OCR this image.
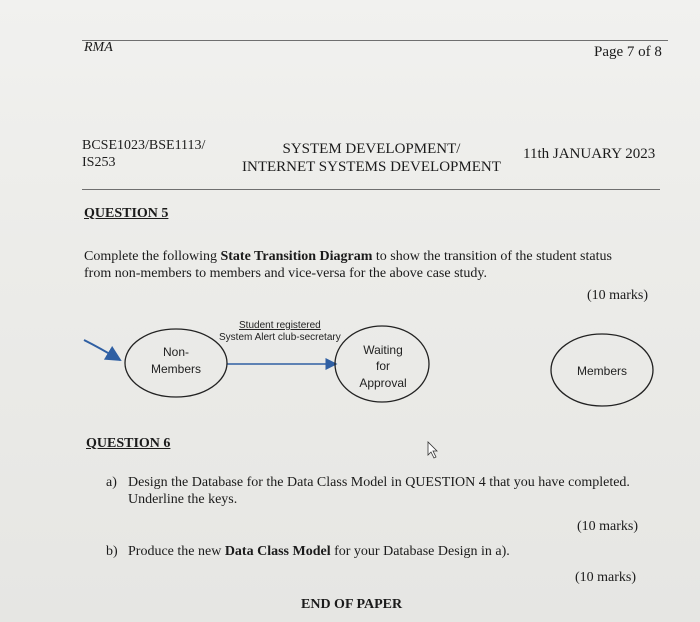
RMA	Page 7 of 8
BCSE1023/BSE1113/
IS253
SYSTEM DEVELOPMENT/
INTERNET SYSTEMS DEVELOPMENT
11th JANUARY 2023
QUESTION 5
Complete the following State Transition Diagram to show the transition of the student status
from non-members to members and vice-versa for the above case study.
(10 marks)
Student registered
System Alert club-secretary
Non-
Members
Waiting
for
Approval
Members
QUESTION 6
a) Design the Database for the Data Class Model in QUESTION 4 that you have completed.
Underline the keys.
(10 marks)
b) Produce the new Data Class Model for your Database Design in a).
(10 marks)
END OF PAPER
